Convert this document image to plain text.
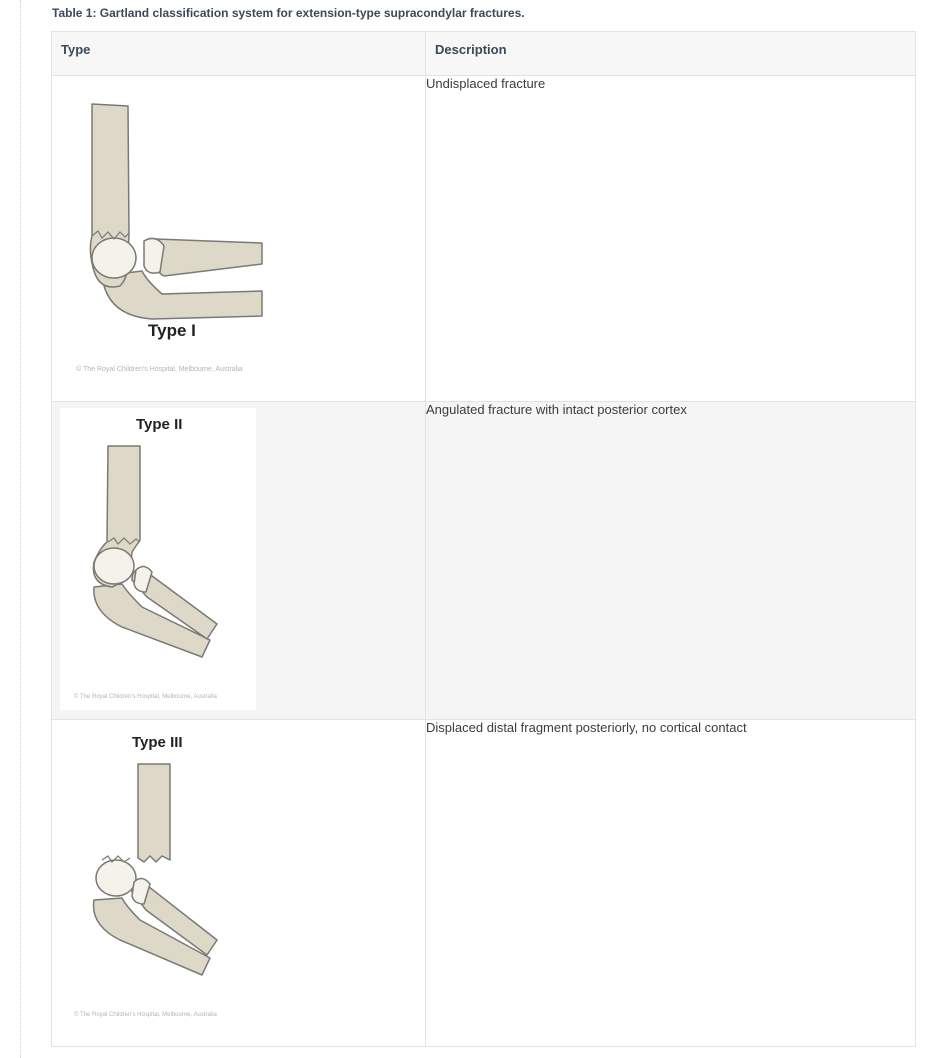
Table 1: Gartland classification system for extension-type supracondylar fractures.
Type	Description

Type I
© The Royal Children's Hospital, Melbourne, Australia	Undisplaced fracture

Type II
© The Royal Children's Hospital, Melbourne, Australia	Angulated fracture with intact posterior cortex

Type III
© The Royal Children's Hospital, Melbourne, Australia	Displaced distal fragment posteriorly, no cortical contact
